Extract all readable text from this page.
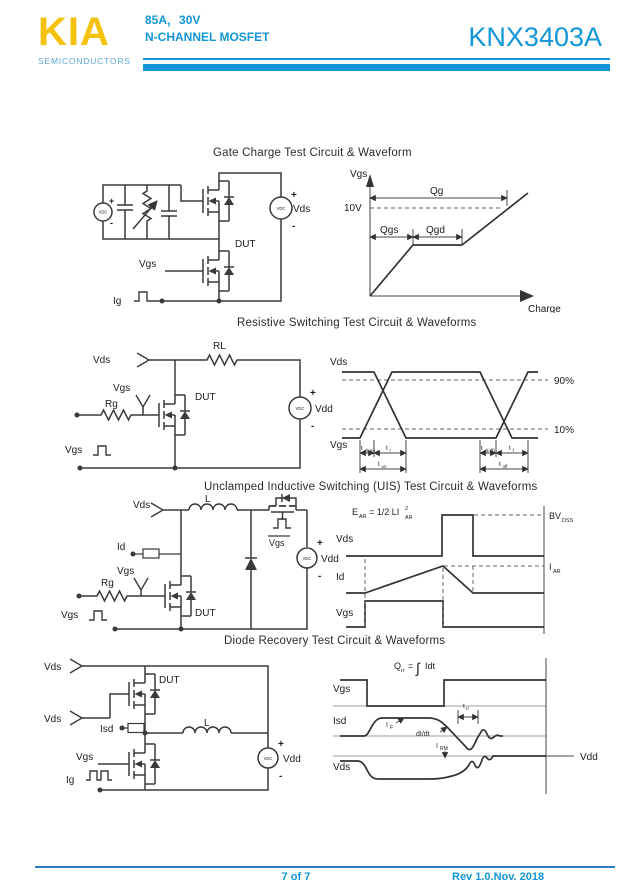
KIA
SEMICONDUCTORS
85A，30V
N-CHANNEL MOSFET	KNX3403A
Gate Charge Test Circuit & Waveform
Resistive Switching Test Circuit & Waveforms
Unclamped Inductive Switching (UIS) Test Circuit & Waveforms
Diode Recovery Test Circuit & Waveforms
VDC
+
-
VDC
+
-
Vds
DUT
Vgs
Ig
Vgs
10V
Qg
Qgs	Qgd
Charge
Vds
RL
DUT
Rg
Vgs
VDC
+
-
Vdd
Vgs
Vds
Vgs
90%
10%
t d(on) t r
t on
t d(off) t f
t off
Vds
L
Id	Vgs
Rg
Vgs
DUT
VDC
+
-
Vdd
Vgs
E AR = 1/2 LI 2
AR
Vds
Id
Vgs
BV DSS
I AR
Vds
DUT
Vds
Isd
L
Vgs
Ig
VDC
+
-
Vdd
Q rr = ∫ Idt
Vgs
Isd
Vds
I F
dI/dt
t rr
I RM
Vdd
7 of 7	Rev 1.0.Nov. 2018
